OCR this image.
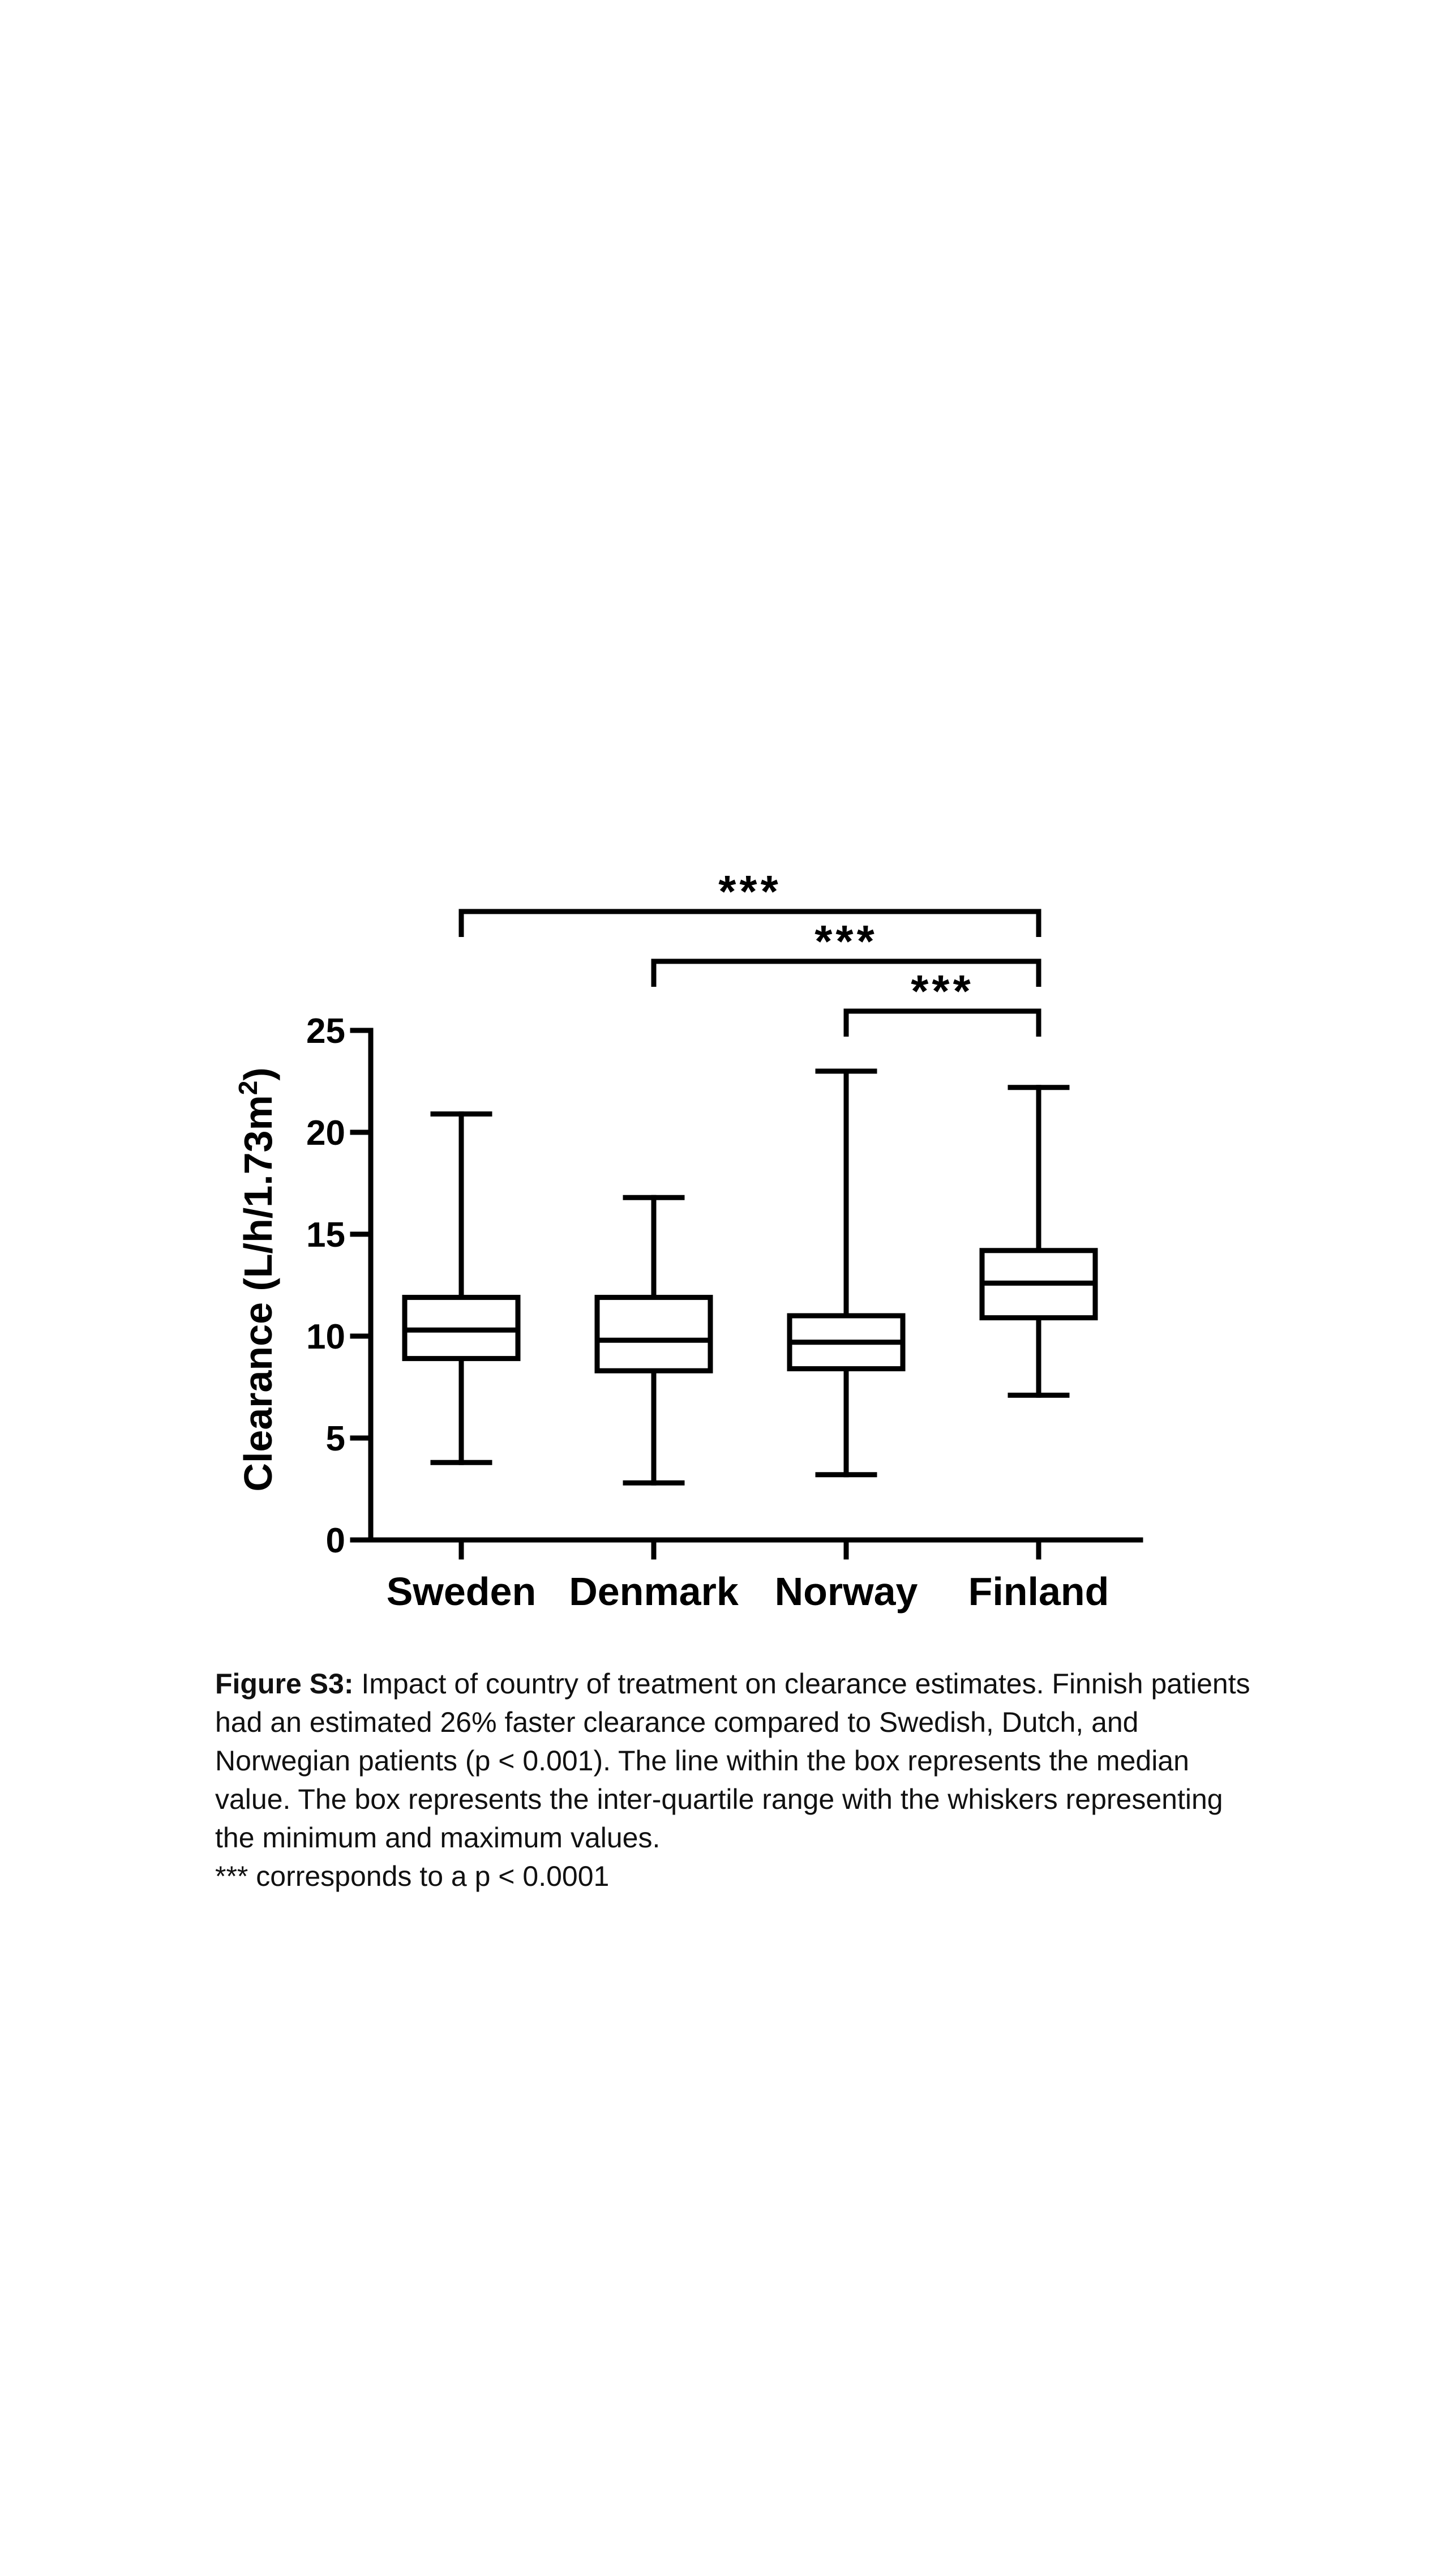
***
***
***
0
5
10
15
20
25
Sweden Denmark Norway Finland
Clearance $(L/h/1.73m^2)$

Figure S3: Impact of country of treatment on clearance estimates. Finnish patients had an estimated 26% faster clearance compared to Swedish, Dutch, and Norwegian patients (p < 0.001). The line within the box represents the median value. The box represents the inter-quartile range with the whiskers representing the minimum and maximum values.

*** corresponds to a p < 0.0001
